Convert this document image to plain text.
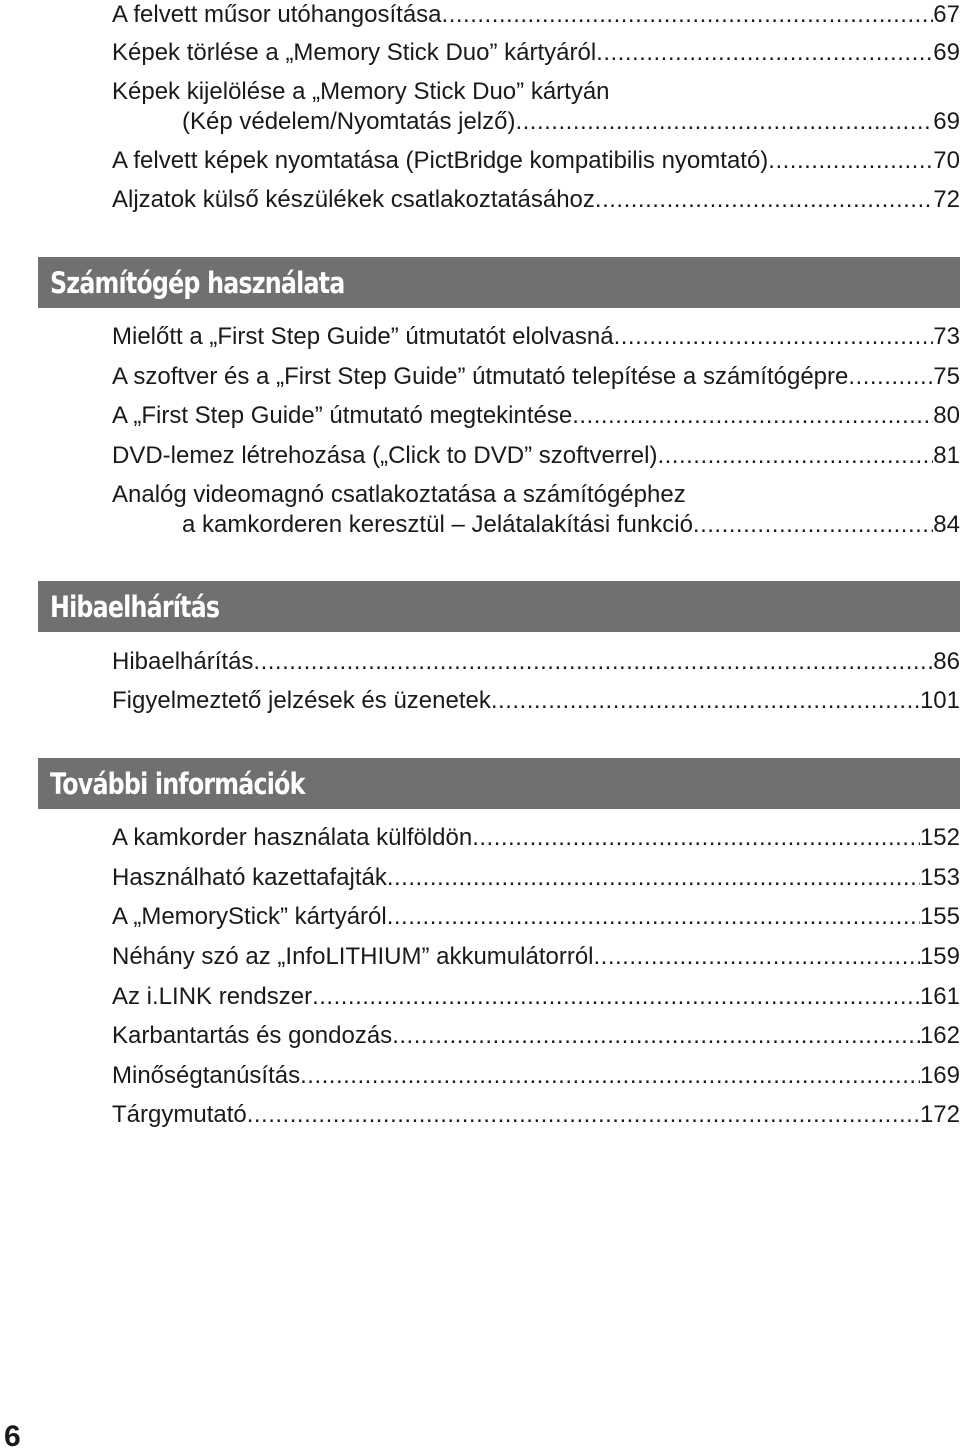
A felvett műsor utóhangosítása .....	67
Képek törlése a „Memory Stick Duo” kártyáról .....	69
Képek kijelölése a „Memory Stick Duo” kártyán
(Kép védelem/Nyomtatás jelző) .....	69
A felvett képek nyomtatása (PictBridge kompatibilis nyomtató) .....	70
Aljzatok külső készülékek csatlakoztatásához .....	72
Számítógép használata
Mielőtt a „First Step Guide” útmutatót elolvasná .....	73
A szoftver és a „First Step Guide” útmutató telepítése a számítógépre .....	75
A „First Step Guide” útmutató megtekintése .....	80
DVD-lemez létrehozása („Click to DVD” szoftverrel) .....	81
Analóg videomagnó csatlakoztatása a számítógéphez
a kamkorderen keresztül – Jelátalakítási funkció .....	84
Hibaelhárítás
Hibaelhárítás .....	86
Figyelmeztető jelzések és üzenetek .....	101
További információk
A kamkorder használata külföldön .....	152
Használható kazettafajták .....	153
A „MemoryStick” kártyáról .....	155
Néhány szó az „InfoLITHIUM” akkumulátorról .....	159
Az i.LINK rendszer .....	161
Karbantartás és gondozás .....	162
Minőségtanúsítás .....	169
Tárgymutató .....	172
6
